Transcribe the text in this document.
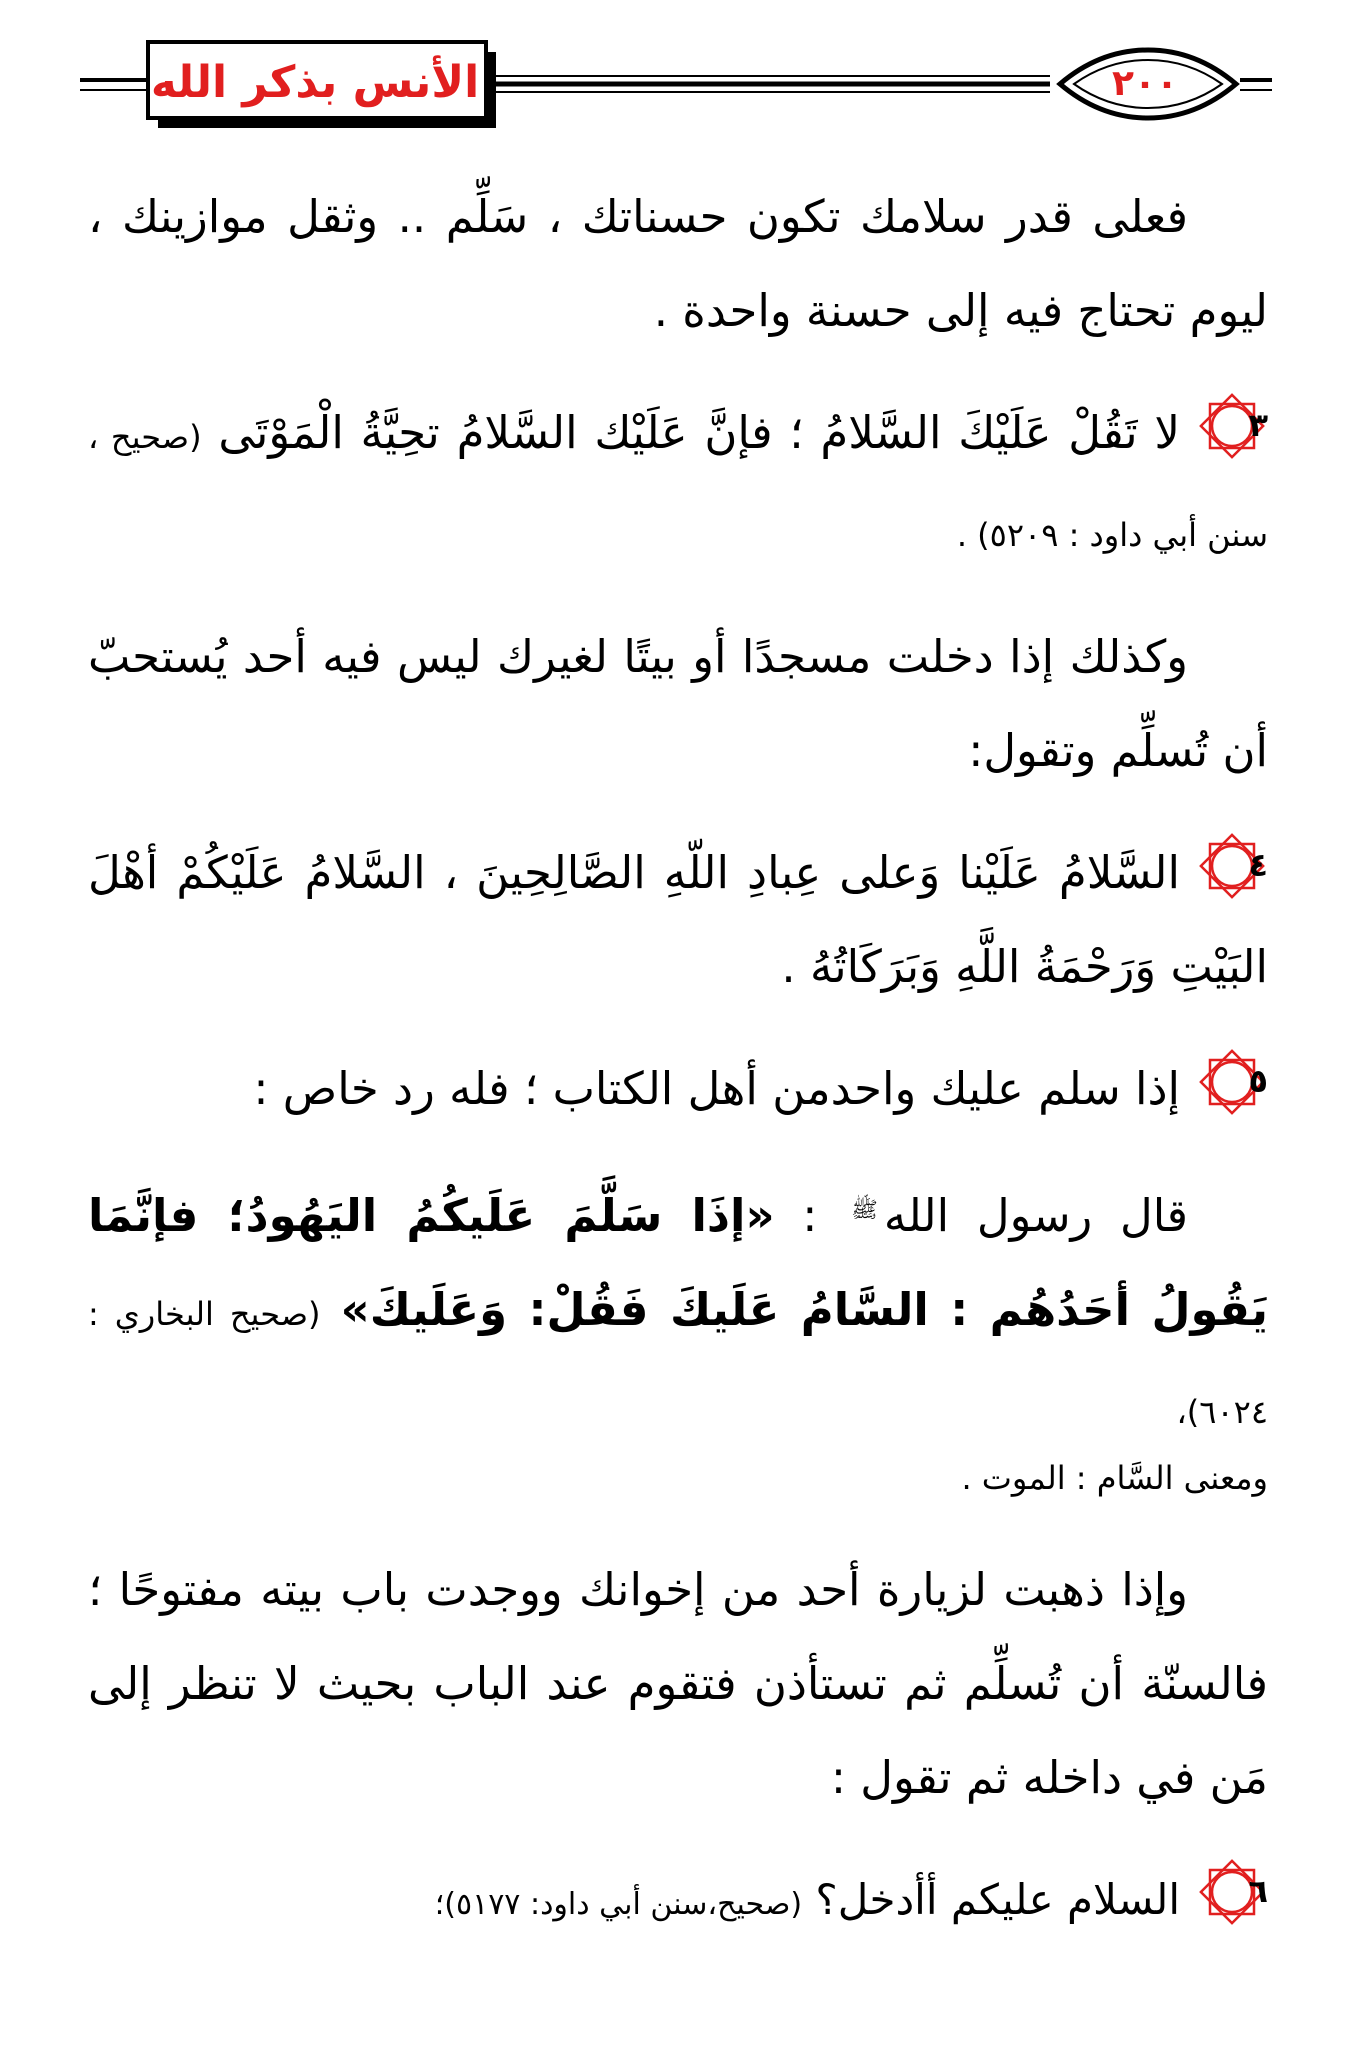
الأنس بذكر الله	٢٠٠

فعلى قدر سلامك تكون حسناتك ، سَلِّم .. وثقل موازينك ، ليوم تحتاج فيه إلى حسنة واحدة .

٣
لا تَقُلْ عَلَيْكَ السَّلامُ ؛ فإنَّ عَلَيْك السَّلامُ تحِيَّةُ الْمَوْتَى (صحيح ، سنن أبي داود : ٥٢٠٩) .

وكذلك إذا دخلت مسجدًا أو بيتًا لغيرك ليس فيه أحد يُستحبّ أن تُسلِّم وتقول:

٤
السَّلامُ عَلَيْنا وَعلى عِبادِ اللّهِ الصَّالِحِينَ ، السَّلامُ عَلَيْكُمْ أهْلَ البَيْتِ وَرَحْمَةُ اللَّهِ وَبَرَكَاتُهُ .

٥
إذا سلم عليك واحدمن أهل الكتاب ؛ فله رد خاص :

قال رسول الله$^ﷺ$ : «إذَا سَلَّمَ عَلَيكُمُ اليَهُودُ؛ فإنَّمَا يَقُولُ أحَدُهُم : السَّامُ عَلَيكَ فَقُلْ: وَعَلَيكَ» (صحيح البخاري : ٦٠٢٤)،

ومعنى السَّام : الموت .

وإذا ذهبت لزيارة أحد من إخوانك ووجدت باب بيته مفتوحًا ؛ فالسنّة أن تُسلِّم ثم تستأذن فتقوم عند الباب بحيث لا تنظر إلى مَن في داخله ثم تقول :

٦
السلام عليكم أأدخل؟ (صحيح،سنن أبي داود: ٥١٧٧)؛
